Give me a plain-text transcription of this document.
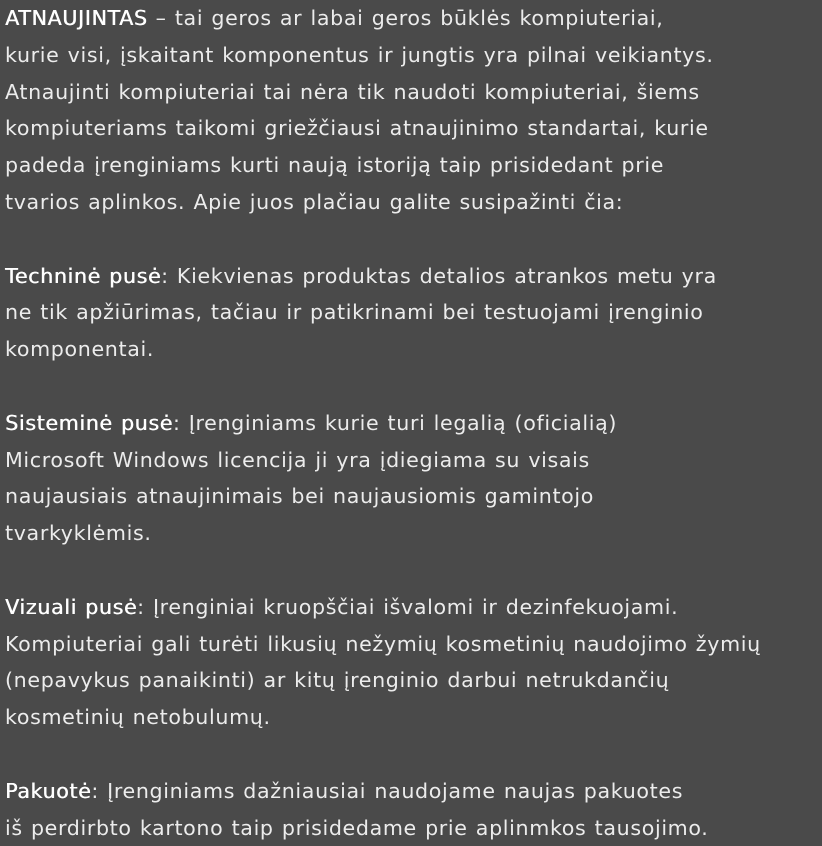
ATNAUJINTAS – tai geros ar labai geros būklės kompiuteriai,
kurie visi, įskaitant komponentus ir jungtis yra pilnai veikiantys.
Atnaujinti kompiuteriai tai nėra tik naudoti kompiuteriai, šiems
kompiuteriams taikomi griežčiausi atnaujinimo standartai, kurie
padeda įrenginiams kurti naują istoriją taip prisidedant prie
tvarios aplinkos. Apie juos plačiau galite susipažinti čia:

Techninė pusė: Kiekvienas produktas detalios atrankos metu yra
ne tik apžiūrimas, tačiau ir patikrinami bei testuojami įrenginio
komponentai.

Sisteminė pusė: Įrenginiams kurie turi legalią (oficialią)
Microsoft Windows licencija ji yra įdiegiama su visais
naujausiais atnaujinimais bei naujausiomis gamintojo
tvarkyklėmis.

Vizuali pusė: Įrenginiai kruopščiai išvalomi ir dezinfekuojami.
Kompiuteriai gali turėti likusių nežymių kosmetinių naudojimo žymių
(nepavykus panaikinti) ar kitų įrenginio darbui netrukdančių
kosmetinių netobulumų.

Pakuotė: Įrenginiams dažniausiai naudojame naujas pakuotes
iš perdirbto kartono taip prisidedame prie aplinmkos tausojimo.
